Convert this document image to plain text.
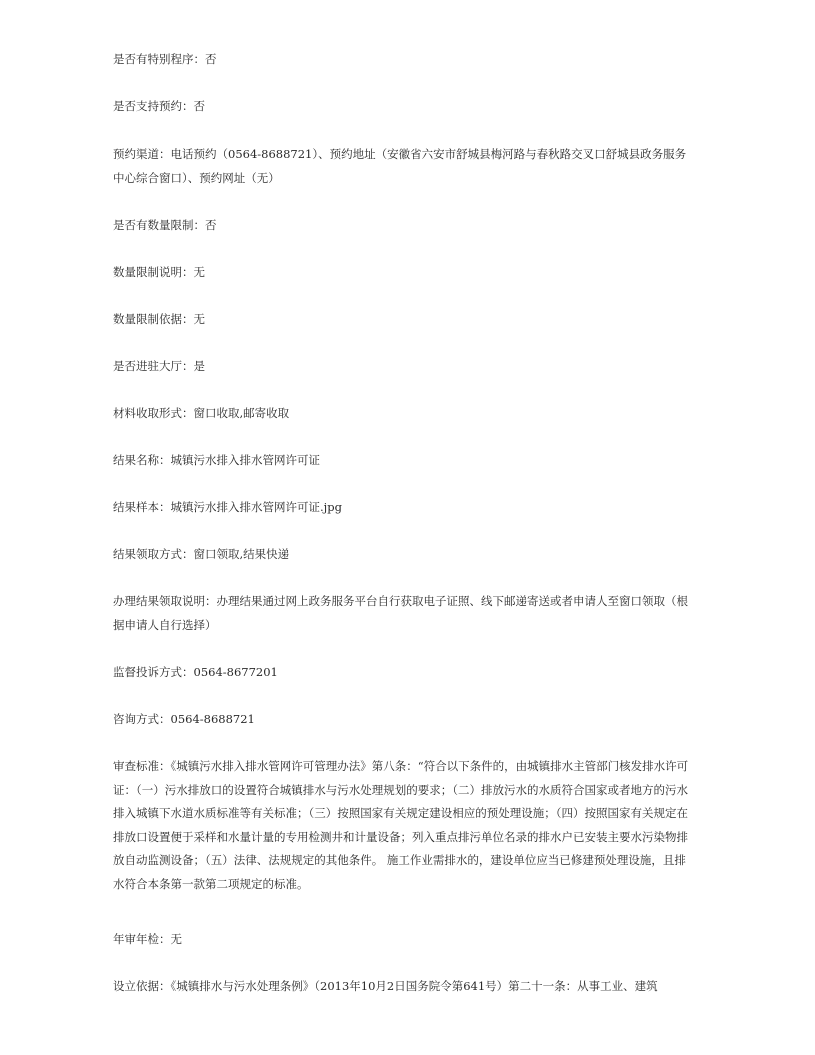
是否有特别程序：否

是否支持预约：否

预约渠道：电话预约（0564-8688721）、预约地址（安徽省六安市舒城县梅河路与春秋路交叉口舒城县政务服务中心综合窗口）、预约网址（无）

是否有数量限制：否

数量限制说明：无

数量限制依据：无

是否进驻大厅：是

材料收取形式：窗口收取,邮寄收取

结果名称：城镇污水排入排水管网许可证

结果样本：城镇污水排入排水管网许可证.jpg

结果领取方式：窗口领取,结果快递

办理结果领取说明：办理结果通过网上政务服务平台自行获取电子证照、线下邮递寄送或者申请人至窗口领取（根据申请人自行选择）

监督投诉方式：0564-8677201

咨询方式：0564-8688721

审查标准：《城镇污水排入排水管网许可管理办法》第八条：“符合以下条件的，由城镇排水主管部门核发排水许可证：（一）污水排放口的设置符合城镇排水与污水处理规划的要求；（二）排放污水的水质符合国家或者地方的污水排入城镇下水道水质标准等有关标准；（三）按照国家有关规定建设相应的预处理设施；（四）按照国家有关规定在排放口设置便于采样和水量计量的专用检测井和计量设备；列入重点排污单位名录的排水户已安装主要水污染物排放自动监测设备；（五）法律、法规规定的其他条件。 施工作业需排水的，建设单位应当已修建预处理设施，且排水符合本条第一款第二项规定的标准。

年审年检：无

设立依据：《城镇排水与污水处理条例》（2013年10月2日国务院令第641号）第二十一条：从事工业、建筑
